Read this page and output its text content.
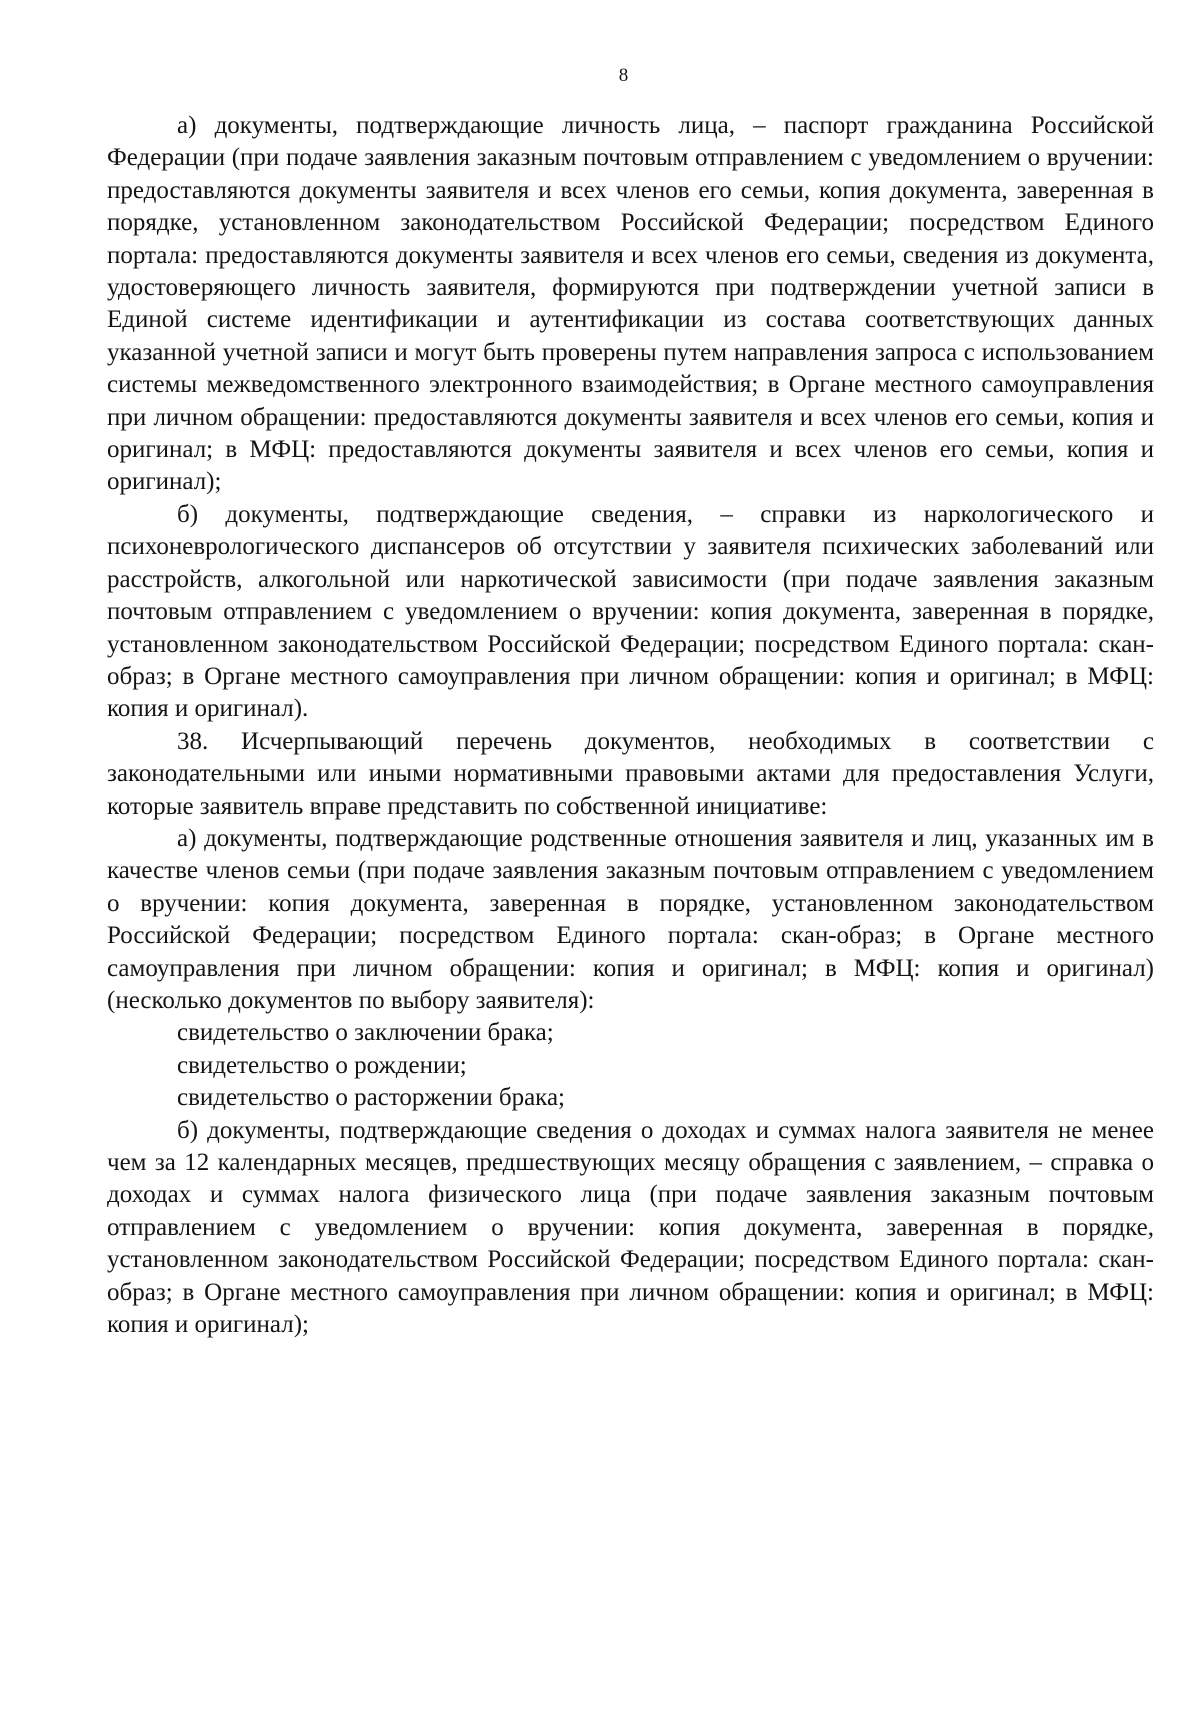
8

а) документы, подтверждающие личность лица, – паспорт гражданина Российской Федерации (при подаче заявления заказным почтовым отправлением с уведомлением о вручении: предоставляются документы заявителя и всех членов его семьи, копия документа, заверенная в порядке, установленном законодательством Российской Федерации; посредством Единого портала: предоставляются документы заявителя и всех членов его семьи, сведения из документа, удостоверяющего личность заявителя, формируются при подтверждении учетной записи в Единой системе идентификации и аутентификации из состава соответствующих данных указанной учетной записи и могут быть проверены путем направления запроса с использованием системы межведомственного электронного взаимодействия; в Органе местного самоуправления при личном обращении: предоставляются документы заявителя и всех членов его семьи, копия и оригинал; в МФЦ: предоставляются документы заявителя и всех членов его семьи, копия и оригинал);

б) документы, подтверждающие сведения, – справки из наркологического и психоневрологического диспансеров об отсутствии у заявителя психических заболеваний или расстройств, алкогольной или наркотической зависимости (при подаче заявления заказным почтовым отправлением с уведомлением о вручении: копия документа, заверенная в порядке, установленном законодательством Российской Федерации; посредством Единого портала: скан-образ; в Органе местного самоуправления при личном обращении: копия и оригинал; в МФЦ: копия и оригинал).

38. Исчерпывающий перечень документов, необходимых в соответствии с законодательными или иными нормативными правовыми актами для предоставления Услуги, которые заявитель вправе представить по собственной инициативе:

а) документы, подтверждающие родственные отношения заявителя и лиц, указанных им в качестве членов семьи (при подаче заявления заказным почтовым отправлением с уведомлением о вручении: копия документа, заверенная в порядке, установленном законодательством Российской Федерации; посредством Единого портала: скан-образ; в Органе местного самоуправления при личном обращении: копия и оригинал; в МФЦ: копия и оригинал) (несколько документов по выбору заявителя):

свидетельство о заключении брака;

свидетельство о рождении;

свидетельство о расторжении брака;

б) документы, подтверждающие сведения о доходах и суммах налога заявителя не менее чем за 12 календарных месяцев, предшествующих месяцу обращения с заявлением, – справка о доходах и суммах налога физического лица (при подаче заявления заказным почтовым отправлением с уведомлением о вручении: копия документа, заверенная в порядке, установленном законодательством Российской Федерации; посредством Единого портала: скан-образ; в Органе местного самоуправления при личном обращении: копия и оригинал; в МФЦ: копия и оригинал);
